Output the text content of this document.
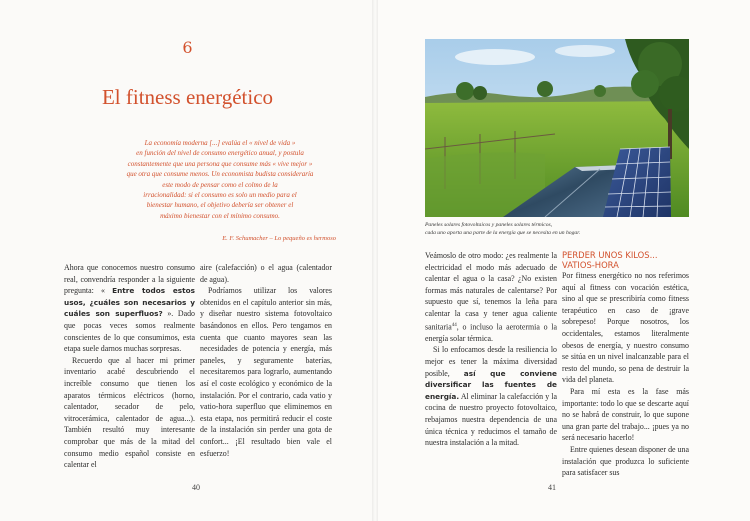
6
El fitness energético
La economía moderna [...] evalúa el « nivel de vida »
en función del nivel de consumo energético anual, y postula
constantemente que una persona que consume más « vive mejor »
que otra que consume menos. Un economista budista consideraría
este modo de pensar como el colmo de la
irracionalidad: si el consumo es solo un medio para el
bienestar humano, el objetivo debería ser obtener el
máximo bienestar con el mínimo consumo.
E. F. Schumacher – Lo pequeño es hermoso

Ahora que conocemos nuestro consumo real, convendría responder a la siguiente pregunta: « Entre todos estos usos, ¿cuáles son necesarios y cuáles son superfluos? ». Dado que pocas veces somos realmente conscientes de lo que consumimos, esta etapa suele darnos muchas sorpresas.

Recuerdo que al hacer mi primer inventario acabé descubriendo el increíble consumo que tienen los aparatos térmicos eléctricos (horno, calentador, secador de pelo, vitrocerámica, calentador de agua...). También resultó muy interesante comprobar que más de la mitad del consumo medio español consiste en calentar el

aire (calefacción) o el agua (calentador de agua).

Podríamos utilizar los valores obtenidos en el capítulo anterior sin más, y diseñar nuestro sistema fotovoltaico basándonos en ellos. Pero tengamos en cuenta que cuanto mayores sean las necesidades de potencia y energía, más paneles, y seguramente baterías, necesitaremos para lograrlo, aumentando así el coste ecológico y económico de la instalación. Por el contrario, cada vatio y vatio-hora superfluo que eliminemos en esta etapa, nos permitirá reducir el coste de la instalación sin perder una gota de confort... ¡El resultado bien vale el esfuerzo!

40
Paneles solares fotovoltaicos y paneles solares térmicos,
cada uno aporta una parte de la energía que se necesita en un hogar.

Veámoslo de otro modo: ¿es realmente la electricidad el modo más adecuado de calentar el agua o la casa? ¿No existen formas más naturales de calentarse? Por supuesto que sí, tenemos la leña para calentar la casa y tener agua caliente sanitaria$^{44}$, o incluso la aerotermia o la energía solar térmica.

Si lo enfocamos desde la resiliencia lo mejor es tener la máxima diversidad posible, así que conviene diversificar las fuentes de energía. Al eliminar la calefacción y la cocina de nuestro proyecto fotovoltaico, rebajamos nuestra dependencia de una única técnica y reducimos el tamaño de nuestra instalación a la mitad.

PERDER UNOS KILOS...
VATIOS-HORA

Por fitness energético no nos referimos aquí al fitness con vocación estética, sino al que se prescribiría como fitness terapéutico en caso de ¡grave sobrepeso! Porque nosotros, los occidentales, estamos literalmente obesos de energía, y nuestro consumo se sitúa en un nivel inalcanzable para el resto del mundo, so pena de destruir la vida del planeta.

Para mí esta es la fase más importante: todo lo que se descarte aquí no se habrá de construir, lo que supone una gran parte del trabajo... ¡pues ya no será necesario hacerlo!

Entre quienes desean disponer de una instalación que produzca lo suficiente para satisfacer sus

41
